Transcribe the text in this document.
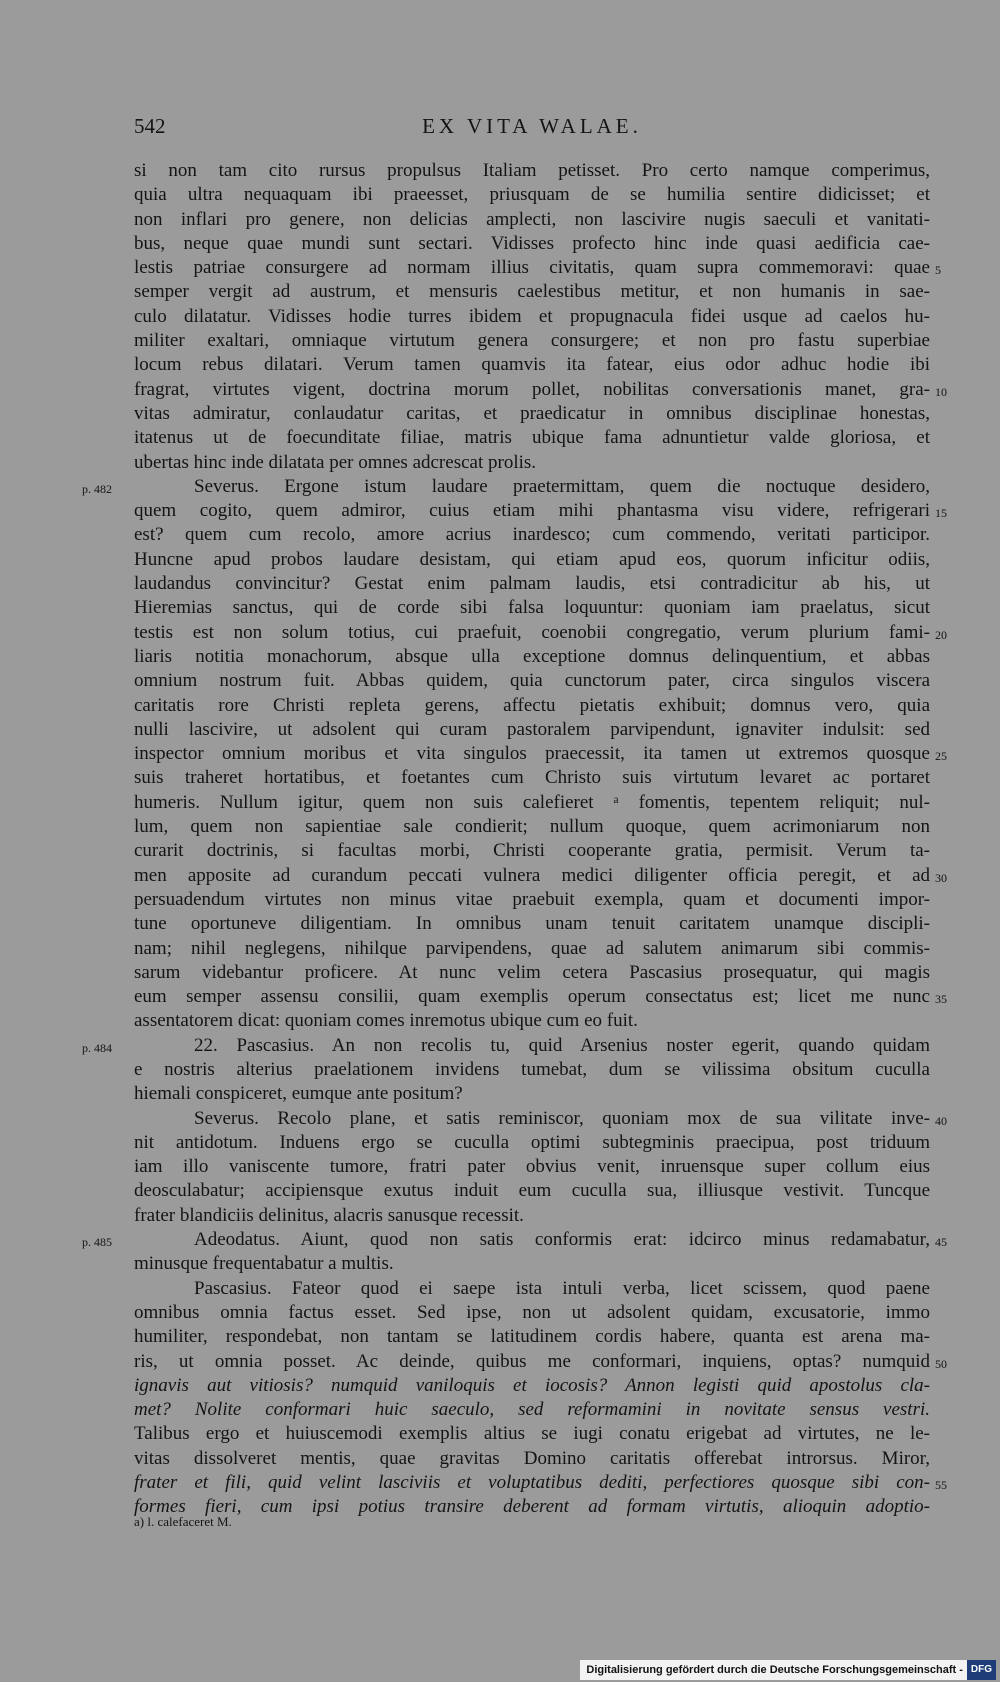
542	EX VITA WALAE.
si non tam cito rursus propulsus Italiam petisset. Pro certo namque comperimus,
quia ultra nequaquam ibi praeesset, priusquam de se humilia sentire didicisset; et
non inflari pro genere, non delicias amplecti, non lascivire nugis saeculi et vanitati-
bus, neque quae mundi sunt sectari. Vidisses profecto hinc inde quasi aedificia cae-
lestis patriae consurgere ad normam illius civitatis, quam supra commemoravi: quae
semper vergit ad austrum, et mensuris caelestibus metitur, et non humanis in sae-
culo dilatatur. Vidisses hodie turres ibidem et propugnacula fidei usque ad caelos hu-
militer exaltari, omniaque virtutum genera consurgere; et non pro fastu superbiae
locum rebus dilatari. Verum tamen quamvis ita fatear, eius odor adhuc hodie ibi
fragrat, virtutes vigent, doctrina morum pollet, nobilitas conversationis manet, gra-
vitas admiratur, conlaudatur caritas, et praedicatur in omnibus disciplinae honestas,
itatenus ut de foecunditate filiae, matris ubique fama adnuntietur valde gloriosa, et
ubertas hinc inde dilatata per omnes adcrescat prolis.
Severus. Ergone istum laudare praetermittam, quem die noctuque desidero,
quem cogito, quem admiror, cuius etiam mihi phantasma visu videre, refrigerari
est? quem cum recolo, amore acrius inardesco; cum commendo, veritati participor.
Huncne apud probos laudare desistam, qui etiam apud eos, quorum inficitur odiis,
laudandus convincitur? Gestat enim palmam laudis, etsi contradicitur ab his, ut
Hieremias sanctus, qui de corde sibi falsa loquuntur: quoniam iam praelatus, sicut
testis est non solum totius, cui praefuit, coenobii congregatio, verum plurium fami-
liaris notitia monachorum, absque ulla exceptione domnus delinquentium, et abbas
omnium nostrum fuit. Abbas quidem, quia cunctorum pater, circa singulos viscera
caritatis rore Christi repleta gerens, affectu pietatis exhibuit; domnus vero, quia
nulli lascivire, ut adsolent qui curam pastoralem parvipendunt, ignaviter indulsit: sed
inspector omnium moribus et vita singulos praecessit, ita tamen ut extremos quosque
suis traheret hortatibus, et foetantes cum Christo suis virtutum levaret ac portaret
humeris. Nullum igitur, quem non suis calefieret ᵃ fomentis, tepentem reliquit; nul-
lum, quem non sapientiae sale condierit; nullum quoque, quem acrimoniarum non
curarit doctrinis, si facultas morbi, Christi cooperante gratia, permisit. Verum ta-
men apposite ad curandum peccati vulnera medici diligenter officia peregit, et ad
persuadendum virtutes non minus vitae praebuit exempla, quam et documenti impor-
tune oportuneve diligentiam. In omnibus unam tenuit caritatem unamque discipli-
nam; nihil neglegens, nihilque parvipendens, quae ad salutem animarum sibi commis-
sarum videbantur proficere. At nunc velim cetera Pascasius prosequatur, qui magis
eum semper assensu consilii, quam exemplis operum consectatus est; licet me nunc
assentatorem dicat: quoniam comes inremotus ubique cum eo fuit.
22. Pascasius. An non recolis tu, quid Arsenius noster egerit, quando quidam
e nostris alterius praelationem invidens tumebat, dum se vilissima obsitum cuculla
hiemali conspiceret, eumque ante positum?
Severus. Recolo plane, et satis reminiscor, quoniam mox de sua vilitate inve-
nit antidotum. Induens ergo se cuculla optimi subtegminis praecipua, post triduum
iam illo vaniscente tumore, fratri pater obvius venit, inruensque super collum eius
deosculabatur; accipiensque exutus induit eum cuculla sua, illiusque vestivit. Tuncque
frater blandiciis delinitus, alacris sanusque recessit.
Adeodatus. Aiunt, quod non satis conformis erat: idcirco minus redamabatur,
minusque frequentabatur a multis.
Pascasius. Fateor quod ei saepe ista intuli verba, licet scissem, quod paene
omnibus omnia factus esset. Sed ipse, non ut adsolent quidam, excusatorie, immo
humiliter, respondebat, non tantam se latitudinem cordis habere, quanta est arena ma-
ris, ut omnia posset. Ac deinde, quibus me conformari, inquiens, optas? numquid
ignavis aut vitiosis? numquid vaniloquis et iocosis? Annon legisti quid apostolus cla-
met? Nolite conformari huic saeculo, sed reformamini in novitate sensus vestri.
Talibus ergo et huiuscemodi exemplis altius se iugi conatu erigebat ad virtutes, ne le-
vitas dissolveret mentis, quae gravitas Domino caritatis offerebat introrsus. Miror,
frater et fili, quid velint lasciviis et voluptatibus dediti, perfectiores quosque sibi con-
formes fieri, cum ipsi potius transire deberent ad formam virtutis, alioquin adoptio-
5
10
p. 482
15
20
25
30
35
p. 484
40
45
p. 485
50
55
a) l. calefaceret M.
Digitalisierung gefördert durch die Deutsche Forschungsgemeinschaft - DFG
